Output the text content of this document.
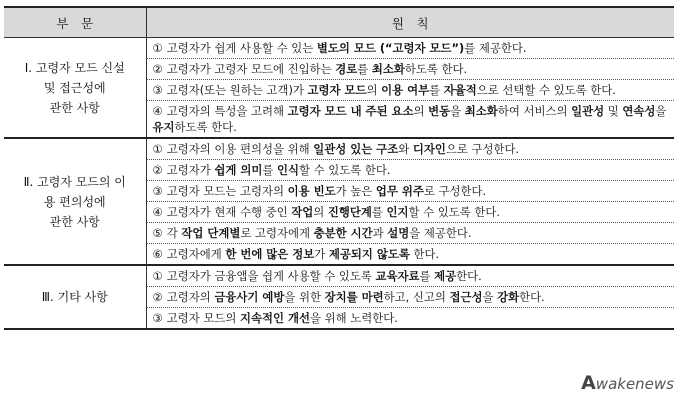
부　문	원　칙

Ⅰ. 고령자 모드 신설
및 접근성에
관한 사항	① 고령자가 쉽게 사용할 수 있는 별도의 모드 (“고령자 모드”)를 제공한다.
	② 고령자가 고령자 모드에 진입하는 경로를 최소화하도록 한다.
	③ 고령자(또는 원하는 고객)가 고령자 모드의 이용 여부를 자율적으로 선택할 수 있도록 한다.
	④ 고령자의 특성을 고려해 고령자 모드 내 주된 요소의 변동을 최소화하여 서비스의 일관성 및 연속성을 유지하도록 한다.

Ⅱ. 고령자 모드의 이
용 편의성에
관한 사항	① 고령자의 이용 편의성을 위해 일관성 있는 구조와 디자인으로 구성한다.
	② 고령자가 쉽게 의미를 인식할 수 있도록 한다.
	③ 고령자 모드는 고령자의 이용 빈도가 높은 업무 위주로 구성한다.
	④ 고령자가 현재 수행 중인 작업의 진행단계를 인지할 수 있도록 한다.
	⑤ 각 작업 단계별로 고령자에게 충분한 시간과 설명을 제공한다.
	⑥ 고령자에게 한 번에 많은 정보가 제공되지 않도록 한다.

Ⅲ. 기타 사항	① 고령자가 금융앱을 쉽게 사용할 수 있도록 교육자료를 제공한다.
	② 고령자의 금융사기 예방을 위한 장치를 마련하고, 신고의 접근성을 강화한다.
	③ 고령자 모드의 지속적인 개선을 위해 노력한다.
Awakenews
